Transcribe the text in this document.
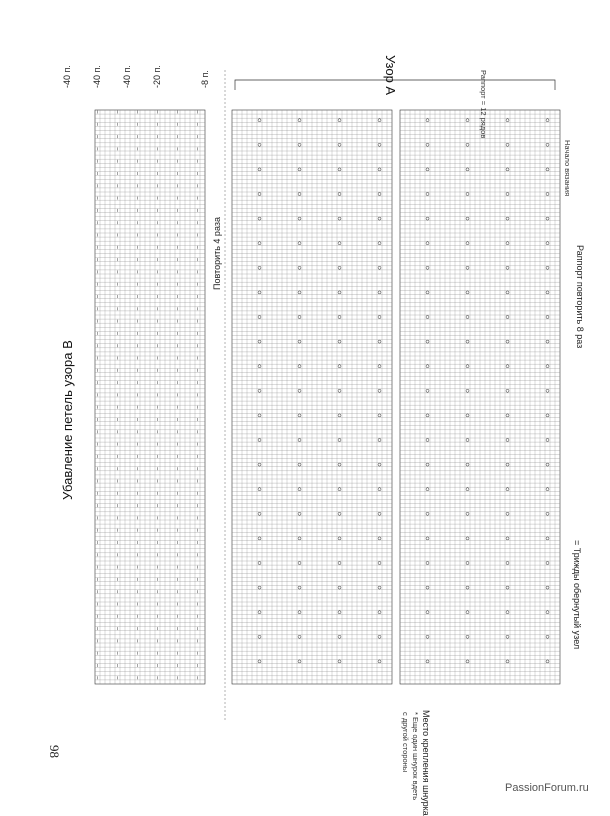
Убавление петель узора B
Повторить 4 раза
-20 п.
-40 п.
-40 п.
-40 п.	-8 п.	Узор А	Раппорт = 12 рядов
Начало вязания
Раппорт повторить 8 раз
= Трижды обернутый узел
Место крепления шнурка
* Еще один шнурок вдеть
с другой стороны
98
PassionForum.ru
